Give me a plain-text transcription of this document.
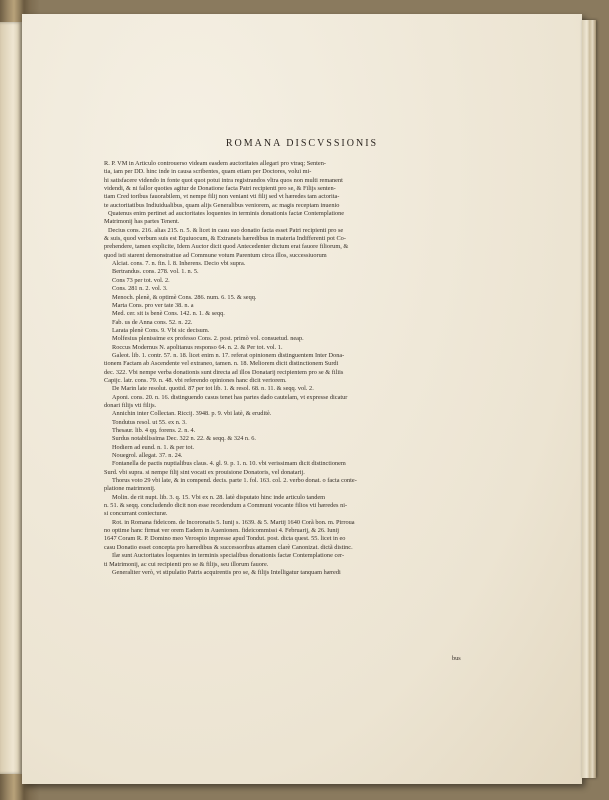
ROMANA DISCVSSIONIS
R. P. VM in Articulo controuerso videam easdem auctoritates allegari pro vtraq; Senten-
tia, iam per DD. hinc inde in causa scribentes, quam etiam per Doctores, volui mi-
hi satisfacere videndo in fonte quot quot potui intra registrandos vltra quos non multi remanent
videndi, & ni fallor quoties agitur de Donatione facta Patri recipienti pro se, & Filijs senten-
tiam Cred toribus fauorabilem, vt nempe filij non veniant vti filij sed vt hæredes tam actorita-
te auctoritatibus Indiuidualibus, quam alijs Generalibus veniorem, ac magis receptam inuenio
Quatenus enim pertinet ad auctoritates loquentes in terminis donationis factæ Contemplatione
Matrimonij has partes Tenent.
Decius cons. 216. alias 215. n. 5. & licet in casu suo donatio facta esset Patri recipienti pro se
& suis, quod verbum suis est Equiuocum, & Extraneis hæredibus in materia Indifferenti pot Co-
prehendere, tamen explicite, Idem Auctor dicit quod Antecedenter dictum erat fauore filiorum, &
quod isti starent demonstratiue ad Commune votum Parentum circa illos, successiuorum
Alciat. cons. 7. n. fin. l. 8. Inherens. Decio vbi supra.
Bertrandus. cons. 278. vol. 1. n. 5.
Cons 73 per tot. vol. 2.
Cons. 281 n. 2. vol. 3.
Menoch. plenè, & optimè Cons. 286. num. 6. 15. & seqq.
Marta Cons. pro ver tate 38. n. a
Med. cer. sit is benè Cons. 142. n. 1. & seqq.
Fab. us de Anna cons. 52. n. 22.
Larata plenè Cons. 9. Vbi sic decisum.
Molfesius plenissime ex professo Cons. 2. post. primò vol. consuetud. neap.
Roccus Modernus N. apolitanus responso 64. n. 2. & Per tot. vol. 1.
Galeot. lib. 1. contr. 57. n. 18. licet enim n. 17. referat opinionem distinguentem Inter Dona-
tionem Factam ab Ascendente vel extraneo, tamen. n. 18. Meliorem dicit distinctionem Surdi
dec. 322. Vbi nempe verba donationis sunt directa ad illos Donatarij recipientem pro se & filiis
Capijc. latr. cons. 79. n. 48. vbi referendo opiniones hanc dicit veriorem.
De Marin late resolut. quotid. 87 per tot lib. 1. & resol. 68. n. 11. & seqq. vol. 2.
Aponi. cons. 20. n. 16. distinguendo casus tenet has partes dado cautelam, vt expresse dicatur
donari filijs vti filijs.
Annichin inter Collectan. Riccij. 3948. p. 9. vbi latè, & eruditè.
Tondutus resol. ut 55. ex n. 3.
Thesaur. lib. 4 qq. forens. 2. n. 4.
Surdus notabilissima Dec. 322 n. 22. & seqq. & 324 n. 6.
Hodiern ad eund. n. 1. & per tot.
Nouegrol. allegat. 37. n. 24.
Fontanella de pactis nuptialibus claus. 4. gl. 9. p. 1. n. 10. vbi verissimam dicit distinctionem
Surd. vbi supra. si nempe filij sint vocati ex prouisione Donatoris, vel donatarij.
Thorus voto 29 vbi late, & in compend. decis. parte 1. fol. 163. col. 2. verbo donat. o facta conte-
platione matrimonij.
Molin. de rit nupt. lib. 3. q. 15. Vbi ex n. 28. latè disputato hinc inde articulo tandem
n. 51. & seqq. concludendo dicit non esse recedendum a Communi vocante filios vti hæredes ni-
si concurrant coniecturæ.
Rot. in Romana fideicom. de Incoronatis 5. Iunij s. 1639. & 5. Martij 1640 Corã bon. m. Pirroua
no optime hanc firmat ver orem Eadem in Auenionen. fideicommissi 4. Februarij, & 26. Iunij
1647 Coram R. P. Domino meo Verospio impresse apud Tondut. post. dicta quest. 55. licet in eo
casu Donatio esset concepta pro hæredibus & successoribus attamen clarè Canonizat. dictã distinc.
Ilæ sunt Auctoritates loquentes in terminis specialibus donationis factæ Contemplatione cer-
ti Matrimonij, ac cui recipienti pro se & filijs, seu illorum fauore.
Generaliter verò, vt stipulatio Patris acquirentis pro se, & filijs Intelligatur tanquam hæredi
bus
